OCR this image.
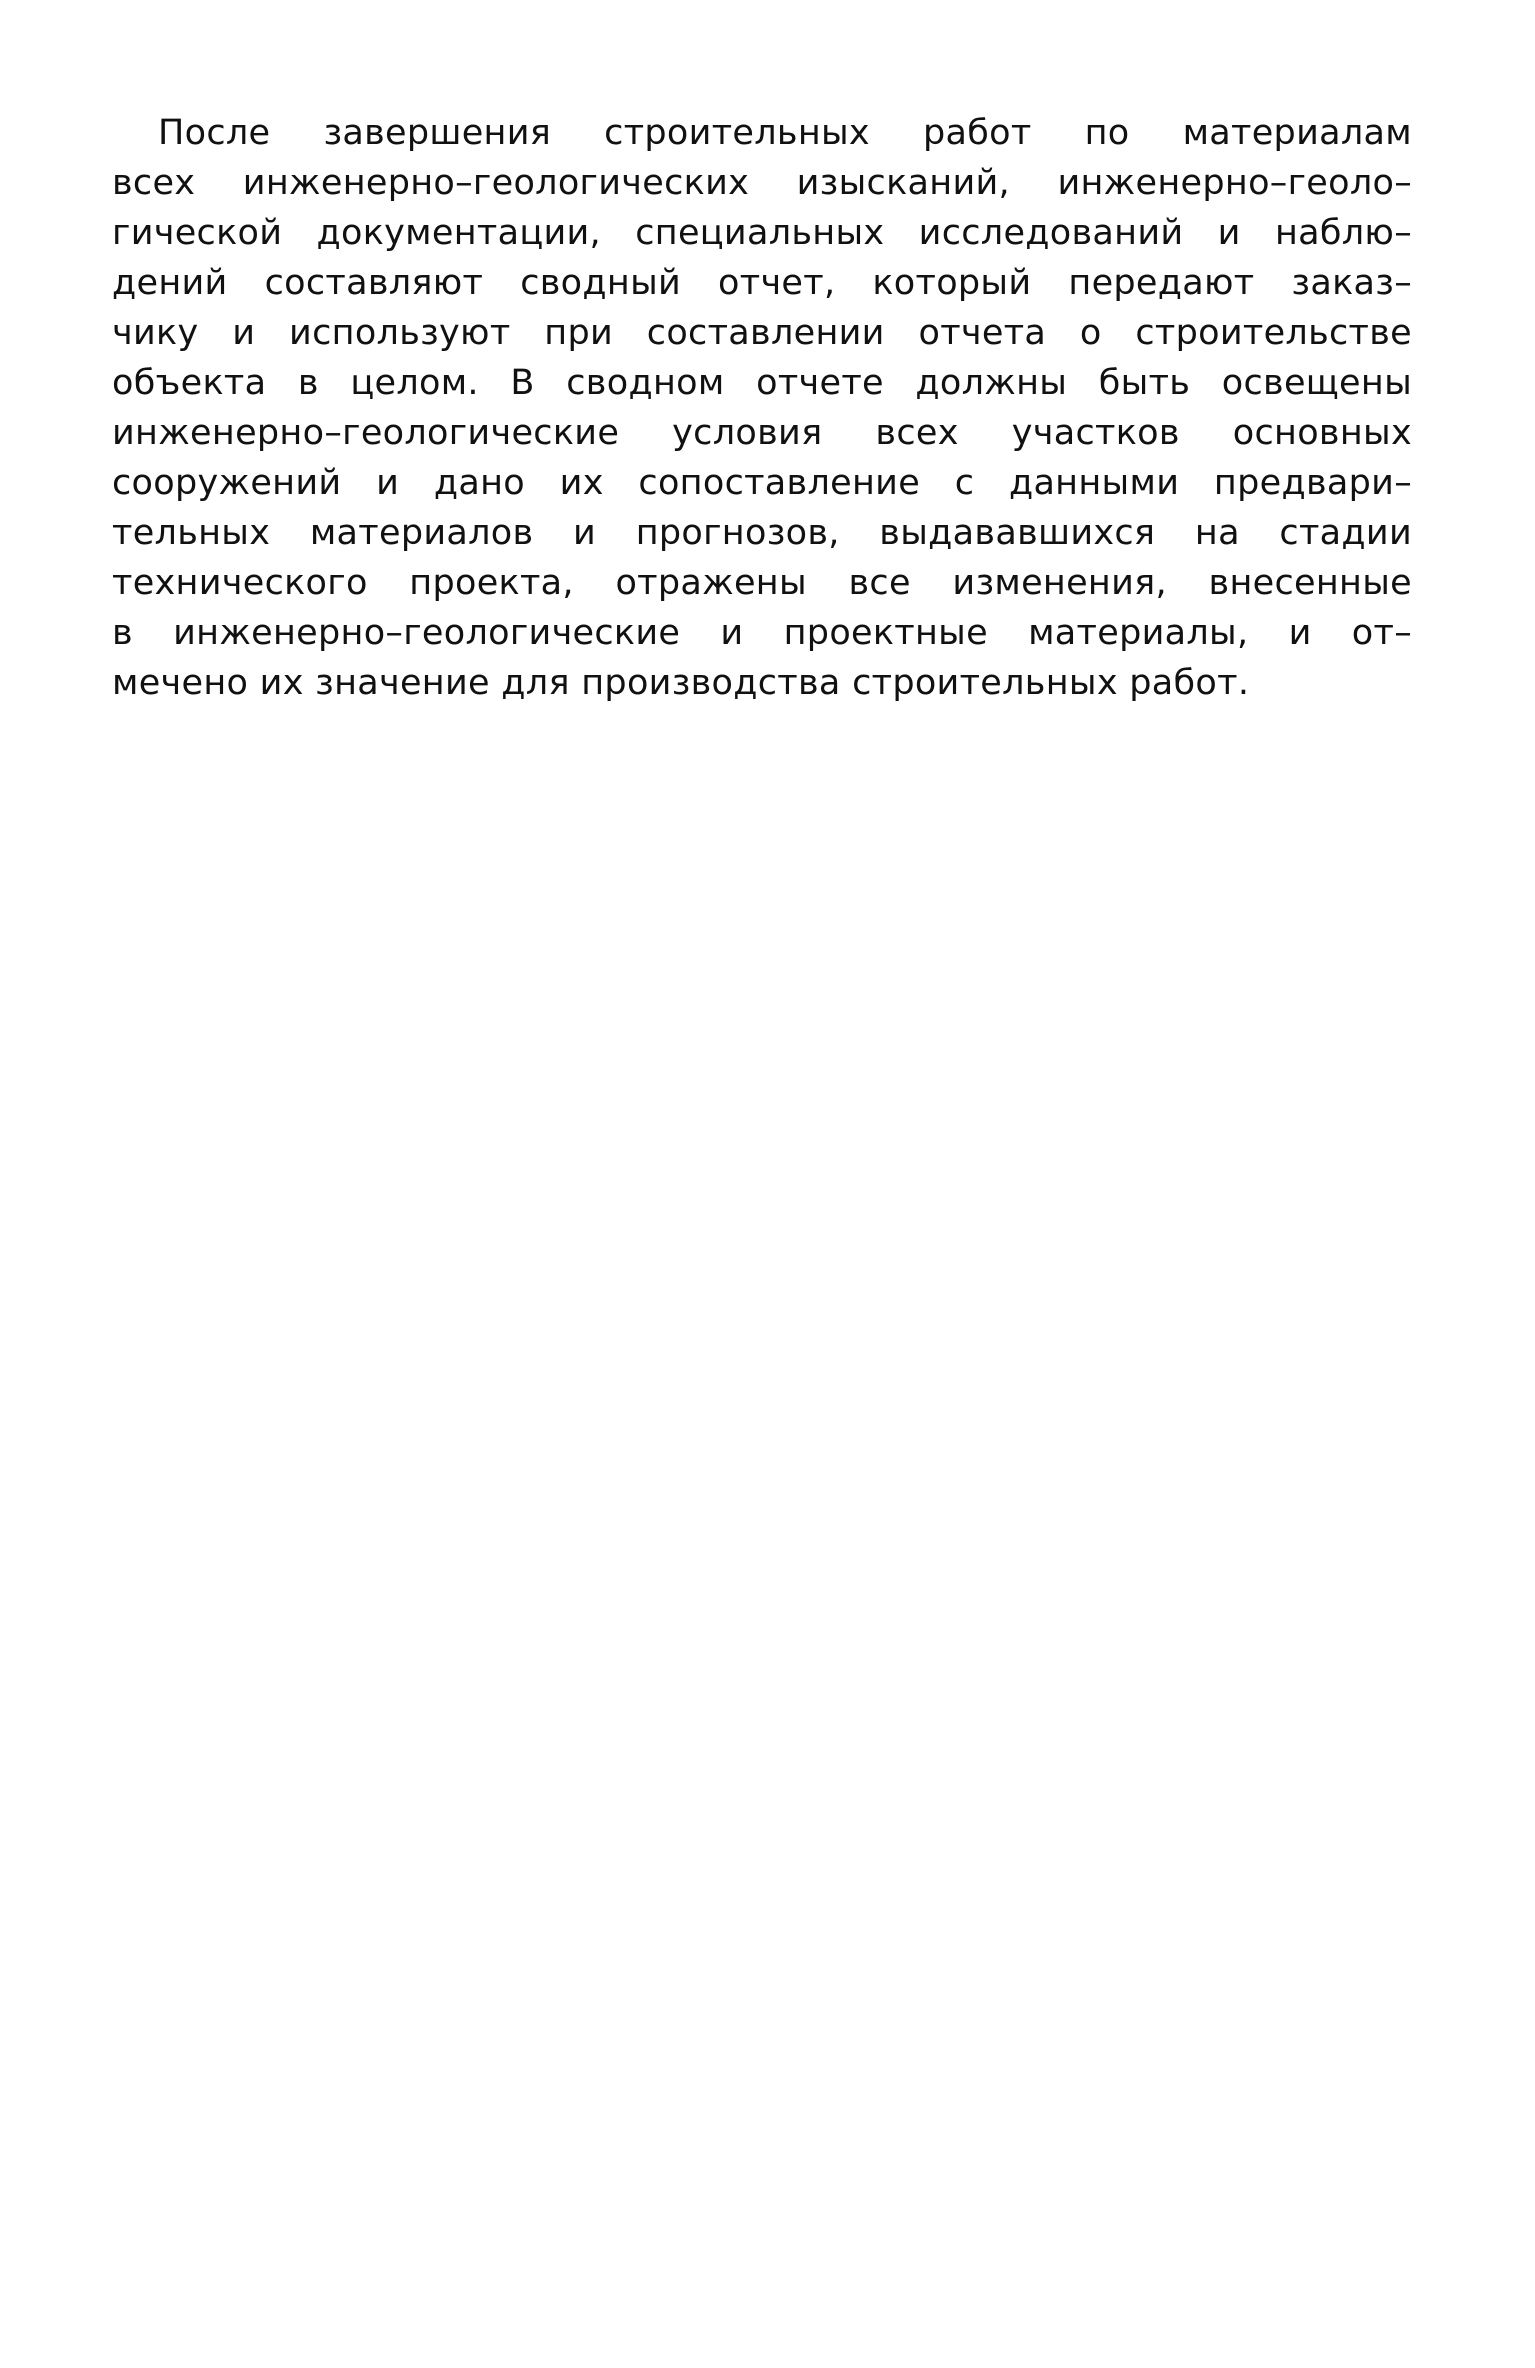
После завершения строительных работ по материалам
всех инженерно–геологических изысканий, инженерно–геоло–
гической документации, специальных исследований и наблю–
дений составляют сводный отчет, который передают заказ–
чику и используют при составлении отчета о строительстве
объекта в целом. В сводном отчете должны быть освещены
инженерно–геологические условия всех участков основных
сооружений и дано их сопоставление с данными предвари–
тельных материалов и прогнозов, выдававшихся на стадии
технического проекта, отражены все изменения, внесенные
в инженерно–геологические и проектные материалы, и от–
мечено их значение для производства строительных работ.
